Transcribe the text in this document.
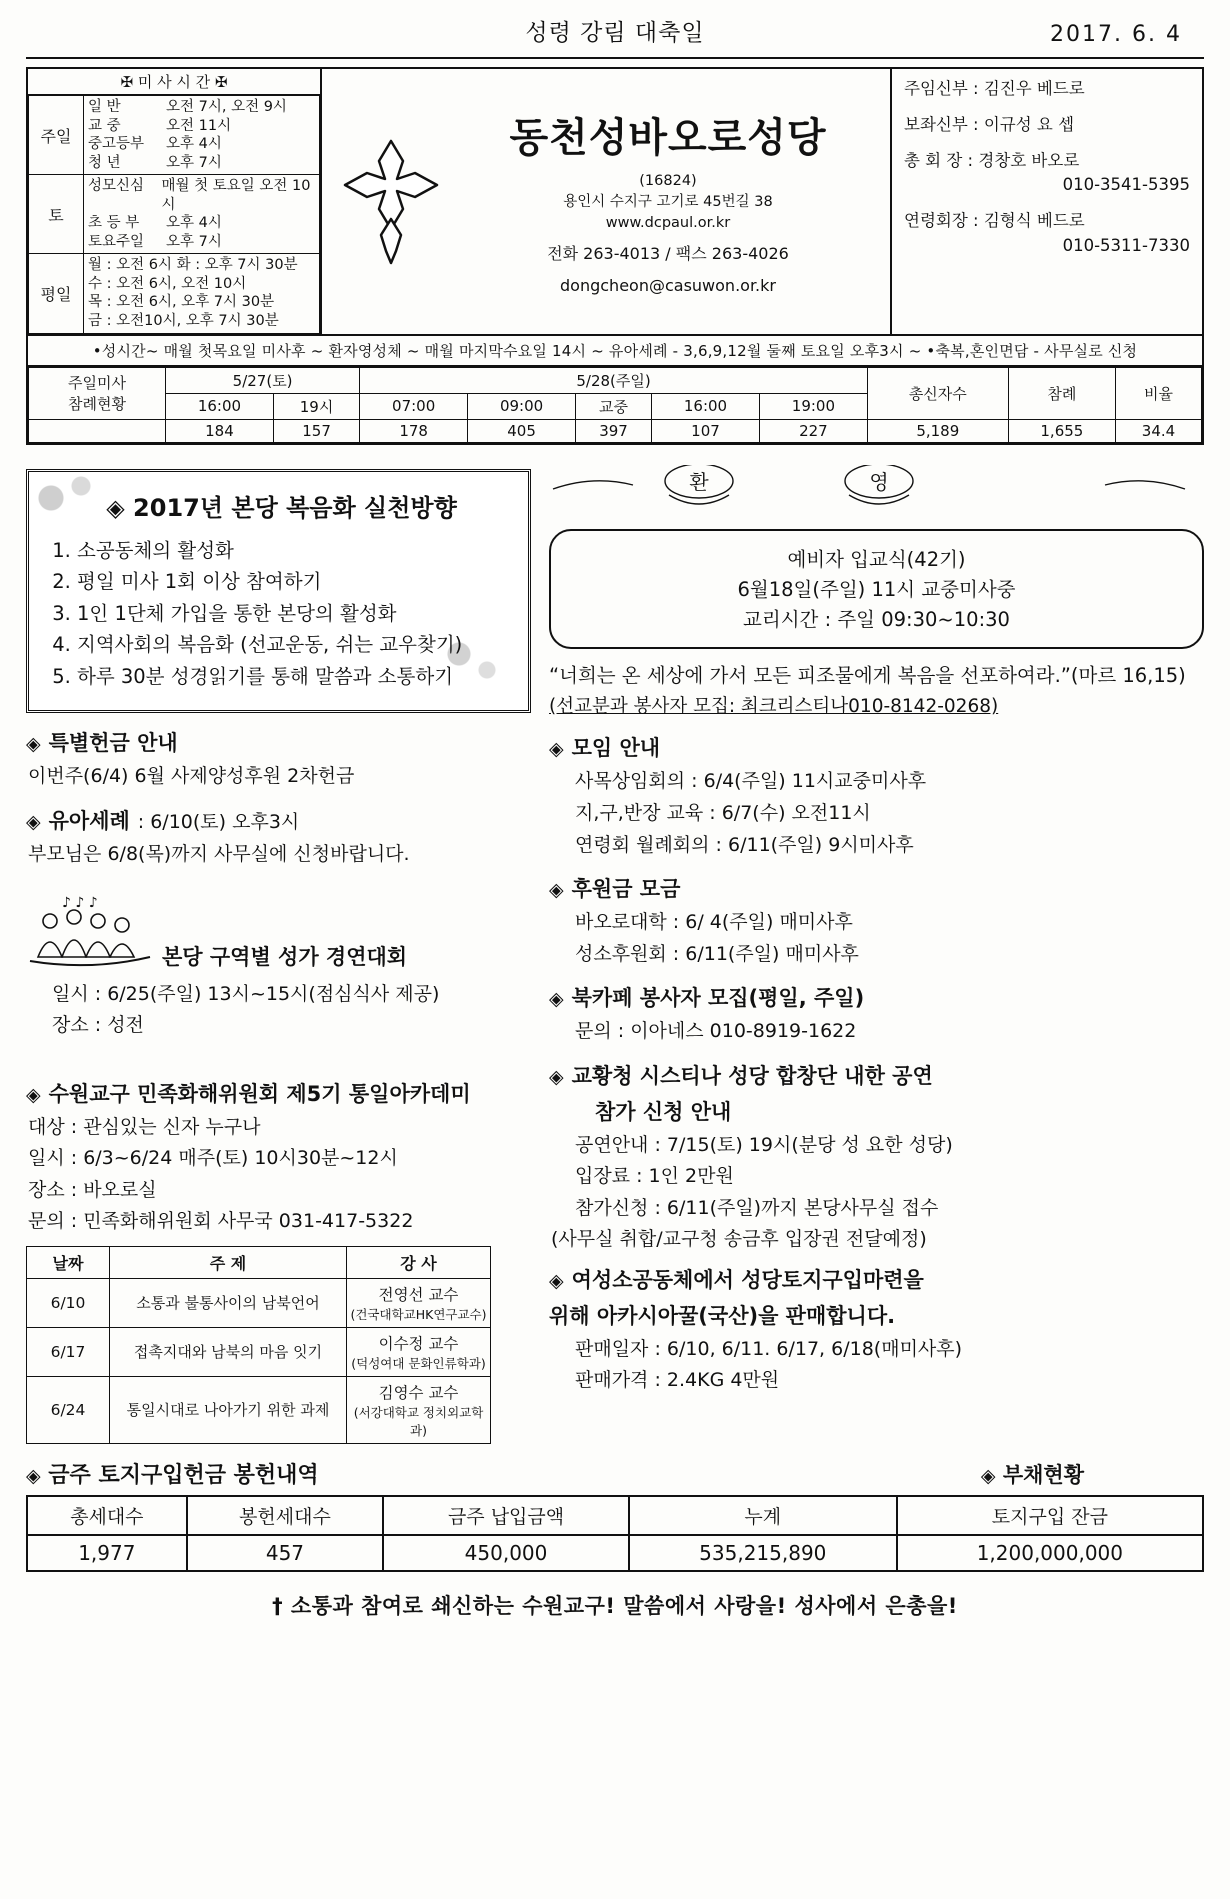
성령 강림 대축일	2017. 6. 4
✠ 미 사 시 간 ✠
주일	
일 반	오전 7시, 오전 9시
교 중	오전 11시
중고등부	오후 4시
청 년	오후 7시

토	
성모신심	매월 첫 토요일 오전 10시
초 등 부	오후 4시
토요주일	오후 7시

평일	월 : 오전 6시 화 : 오후 7시 30분
수 : 오전 6시, 오전 10시
목 : 오전 6시, 오후 7시 30분
금 : 오전10시, 오후 7시 30분
동천성바오로성당
(16824)
용인시 수지구 고기로 45번길 38
www.dcpaul.or.kr
전화 263-4013 / 팩스 263-4026
dongcheon@casuwon.or.kr
주임신부 : 김진우 베드로
보좌신부 : 이규성 요 셉
총 회 장 : 경창호 바오로
010-3541-5395
연령회장 : 김형식 베드로
010-5311-7330
•성시간~ 매월 첫목요일 미사후 ~ 환자영성체 ~ 매월 마지막수요일 14시 ~ 유아세례 - 3,6,9,12월 둘째 토요일 오후3시 ~ •축복,혼인면담 - 사무실로 신청
주일미사
참례현황	5/27(토)		5/28(주일)					총신자수	참례	비율
	16:00	19시	07:00	09:00	교중	16:00	19:00			
	184	157	178	405	397	107	227	5,189	1,655	34.4
◈ 2017년 본당 복음화 실천방향
1. 소공동체의 활성화
2. 평일 미사 1회 이상 참여하기
3. 1인 1단체 가입을 통한 본당의 활성화
4. 지역사회의 복음화 (선교운동, 쉬는 교우찾기)
5. 하루 30분 성경읽기를 통해 말씀과 소통하기
◈ 특별헌금 안내

이번주(6/4) 6월 사제양성후원 2차헌금

◈ 유아세례 : 6/10(토) 오후3시

부모님은 6/8(목)까지 사무실에 신청바랍니다.

♪ ♪ ♪
본당 구역별 성가 경연대회

일시 : 6/25(주일) 13시~15시(점심식사 제공)

장소 : 성전

◈ 수원교구 민족화해위원회 제5기 통일아카데미

대상 : 관심있는 신자 누구나

일시 : 6/3~6/24 매주(토) 10시30분~12시

장소 : 바오로실

문의 : 민족화해위원회 사무국 031-417-5322

날짜	주 제	강 사
6/10	소통과 불통사이의 남북언어	전영선 교수
(건국대학교HK연구교수)

6/17	접촉지대와 남북의 마음 잇기	이수정 교수
(덕성여대 문화인류학과)

6/24	통일시대로 나아가기 위한 과제	김영수 교수
(서강대학교 정치외교학과)
환	영
예비자 입교식(42기)
6월18일(주일) 11시 교중미사중
교리시간 : 주일 09:30~10:30
“너희는 온 세상에 가서 모든 피조물에게 복음을 선포하여라.”(마르 16,15)
(선교분과 봉사자 모집: 최크리스티나010-8142-0268)
◈ 모임 안내

사목상임회의 : 6/4(주일) 11시교중미사후

지,구,반장 교육 : 6/7(수) 오전11시

연령회 월례회의 : 6/11(주일) 9시미사후

◈ 후원금 모금

바오로대학 : 6/ 4(주일) 매미사후

성소후원회 : 6/11(주일) 매미사후

◈ 북카페 봉사자 모집(평일, 주일)

문의 : 이아네스 010-8919-1622

◈ 교황청 시스티나 성당 합창단 내한 공연
참가 신청 안내

공연안내 : 7/15(토) 19시(분당 성 요한 성당)

입장료 : 1인 2만원

참가신청 : 6/11(주일)까지 본당사무실 접수

(사무실 취합/교구청 송금후 입장권 전달예정)

◈ 여성소공동체에서 성당토지구입마련을
위해 아카시아꿀(국산)을 판매합니다.

판매일자 : 6/10, 6/11. 6/17, 6/18(매미사후)

판매가격 : 2.4KG 4만원

◈ 금주 토지구입헌금 봉헌내역	◈ 부채현황
총세대수	봉헌세대수	금주 납입금액	누계	토지구입 잔금
1,977	457	450,000	535,215,890	1,200,000,000
† 소통과 참여로 쇄신하는 수원교구! 말씀에서 사랑을! 성사에서 은총을!
